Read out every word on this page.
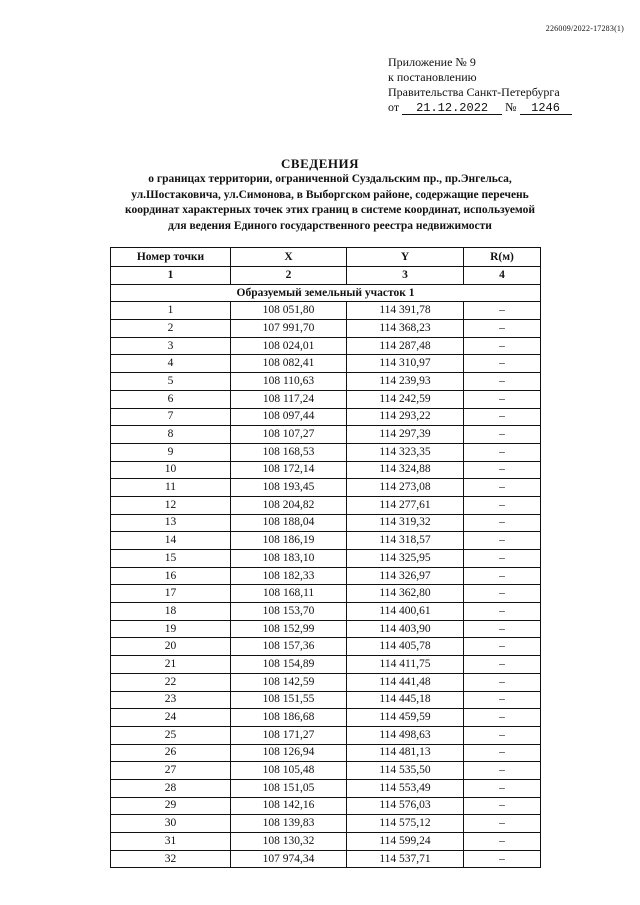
226009/2022-17283(1)
Приложение № 9
к постановлению
Правительства Санкт-Петербурга
от 21.12.2022 № 1246
СВЕДЕНИЯ
о границах территории, ограниченной Суздальским пр., пр.Энгельса,
ул.Шостаковича, ул.Симонова, в Выборгском районе, содержащие перечень
координат характерных точек этих границ в системе координат, используемой
для ведения Единого государственного реестра недвижимости
Номер точки	X	Y	R(м)
1	2	3	4
Образуемый земельный участок 1			
1	108 051,80	114 391,78	–
2	107 991,70	114 368,23	–
3	108 024,01	114 287,48	–
4	108 082,41	114 310,97	–
5	108 110,63	114 239,93	–
6	108 117,24	114 242,59	–
7	108 097,44	114 293,22	–
8	108 107,27	114 297,39	–
9	108 168,53	114 323,35	–
10	108 172,14	114 324,88	–
11	108 193,45	114 273,08	–
12	108 204,82	114 277,61	–
13	108 188,04	114 319,32	–
14	108 186,19	114 318,57	–
15	108 183,10	114 325,95	–
16	108 182,33	114 326,97	–
17	108 168,11	114 362,80	–
18	108 153,70	114 400,61	–
19	108 152,99	114 403,90	–
20	108 157,36	114 405,78	–
21	108 154,89	114 411,75	–
22	108 142,59	114 441,48	–
23	108 151,55	114 445,18	–
24	108 186,68	114 459,59	–
25	108 171,27	114 498,63	–
26	108 126,94	114 481,13	–
27	108 105,48	114 535,50	–
28	108 151,05	114 553,49	–
29	108 142,16	114 576,03	–
30	108 139,83	114 575,12	–
31	108 130,32	114 599,24	–
32	107 974,34	114 537,71	–
